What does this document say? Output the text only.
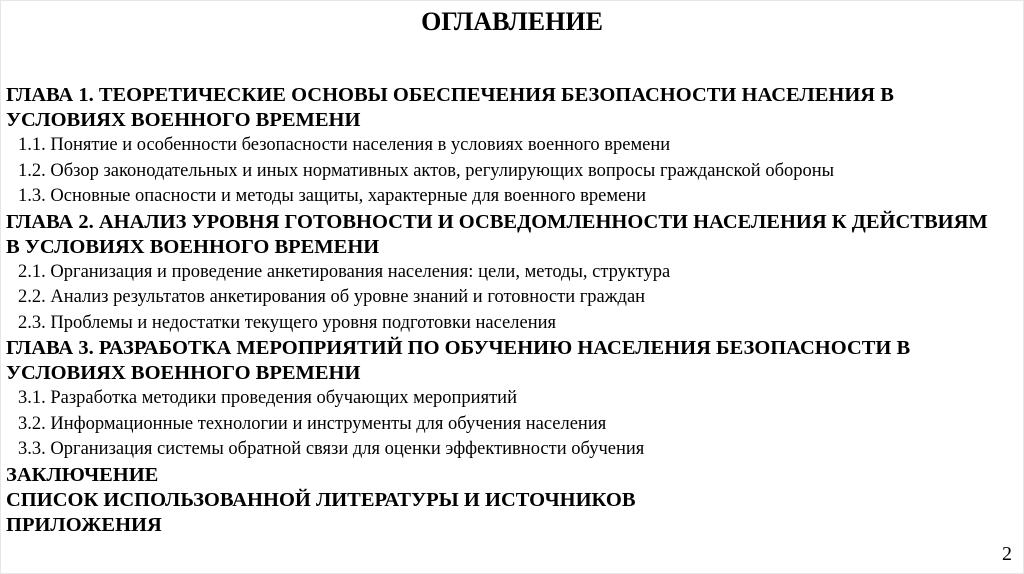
ОГЛАВЛЕНИЕ

ГЛАВА 1. ТЕОРЕТИЧЕСКИЕ ОСНОВЫ ОБЕСПЕЧЕНИЯ БЕЗОПАСНОСТИ НАСЕЛЕНИЯ В УСЛОВИЯХ ВОЕННОГО ВРЕМЕНИ

1.1. Понятие и особенности безопасности населения в условиях военного времени

1.2. Обзор законодательных и иных нормативных актов, регулирующих вопросы гражданской обороны

1.3. Основные опасности и методы защиты, характерные для военного времени

ГЛАВА 2. АНАЛИЗ УРОВНЯ ГОТОВНОСТИ И ОСВЕДОМЛЕННОСТИ НАСЕЛЕНИЯ К ДЕЙСТВИЯМ В УСЛОВИЯХ ВОЕННОГО ВРЕМЕНИ

2.1. Организация и проведение анкетирования населения: цели, методы, структура

2.2. Анализ результатов анкетирования об уровне знаний и готовности граждан

2.3. Проблемы и недостатки текущего уровня подготовки населения

ГЛАВА 3. РАЗРАБОТКА МЕРОПРИЯТИЙ ПО ОБУЧЕНИЮ НАСЕЛЕНИЯ БЕЗОПАСНОСТИ В УСЛОВИЯХ ВОЕННОГО ВРЕМЕНИ

3.1. Разработка методики проведения обучающих мероприятий

3.2. Информационные технологии и инструменты для обучения населения

3.3. Организация системы обратной связи для оценки эффективности обучения

ЗАКЛЮЧЕНИЕ

СПИСОК ИСПОЛЬЗОВАННОЙ ЛИТЕРАТУРЫ И ИСТОЧНИКОВ

ПРИЛОЖЕНИЯ

2
